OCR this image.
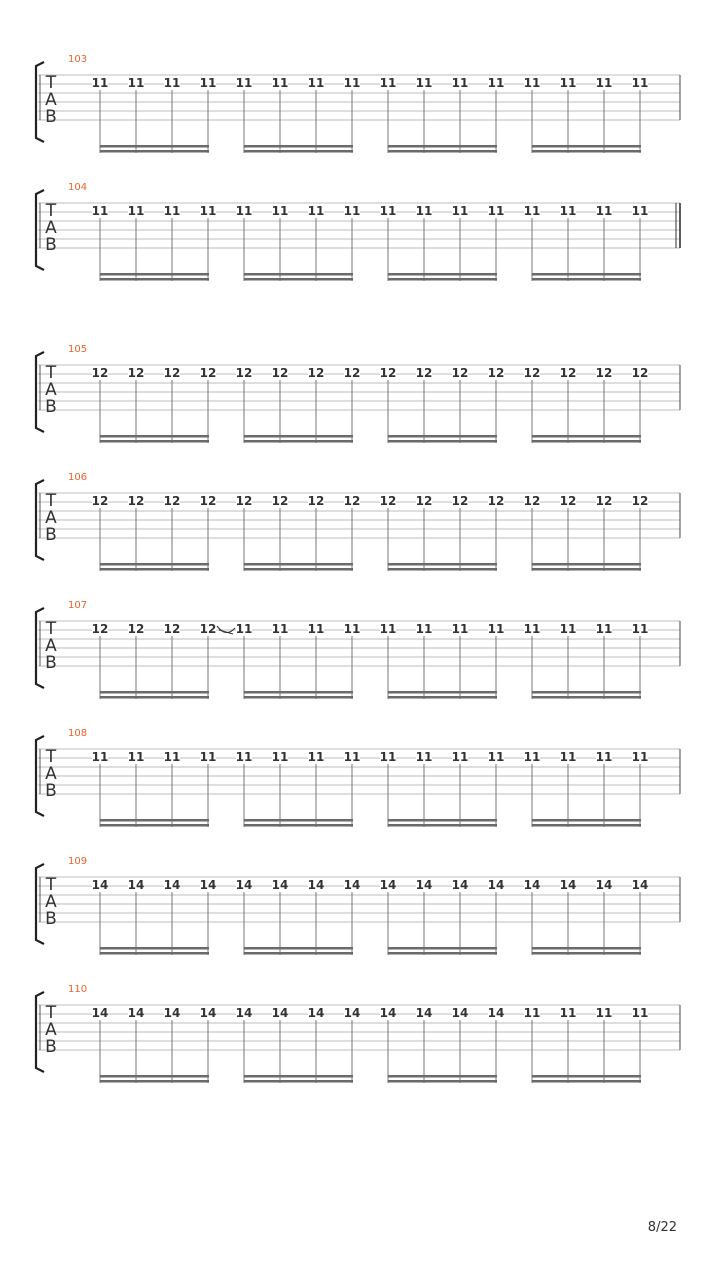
103
T
A
B
11 11 11 11 11 11 11 11 11 11 11 11 11 11 11 11
104
T
A
B
11 11 11 11 11 11 11 11 11 11 11 11 11 11 11 11
105
T
A
B
12 12 12 12 12 12 12 12 12 12 12 12 12 12 12 12
106
T
A
B
12 12 12 12 12 12 12 12 12 12 12 12 12 12 12 12
107
T
A
B
12 12 12 12 11 11 11 11 11 11 11 11 11 11 11 11
108
T
A
B
11 11 11 11 11 11 11 11 11 11 11 11 11 11 11 11
109
T
A
B
14 14 14 14 14 14 14 14 14 14 14 14 14 14 14 14
110
T
A
B
14 14 14 14 14 14 14 14 14 14 14 14 11 11 11 11
8/22
